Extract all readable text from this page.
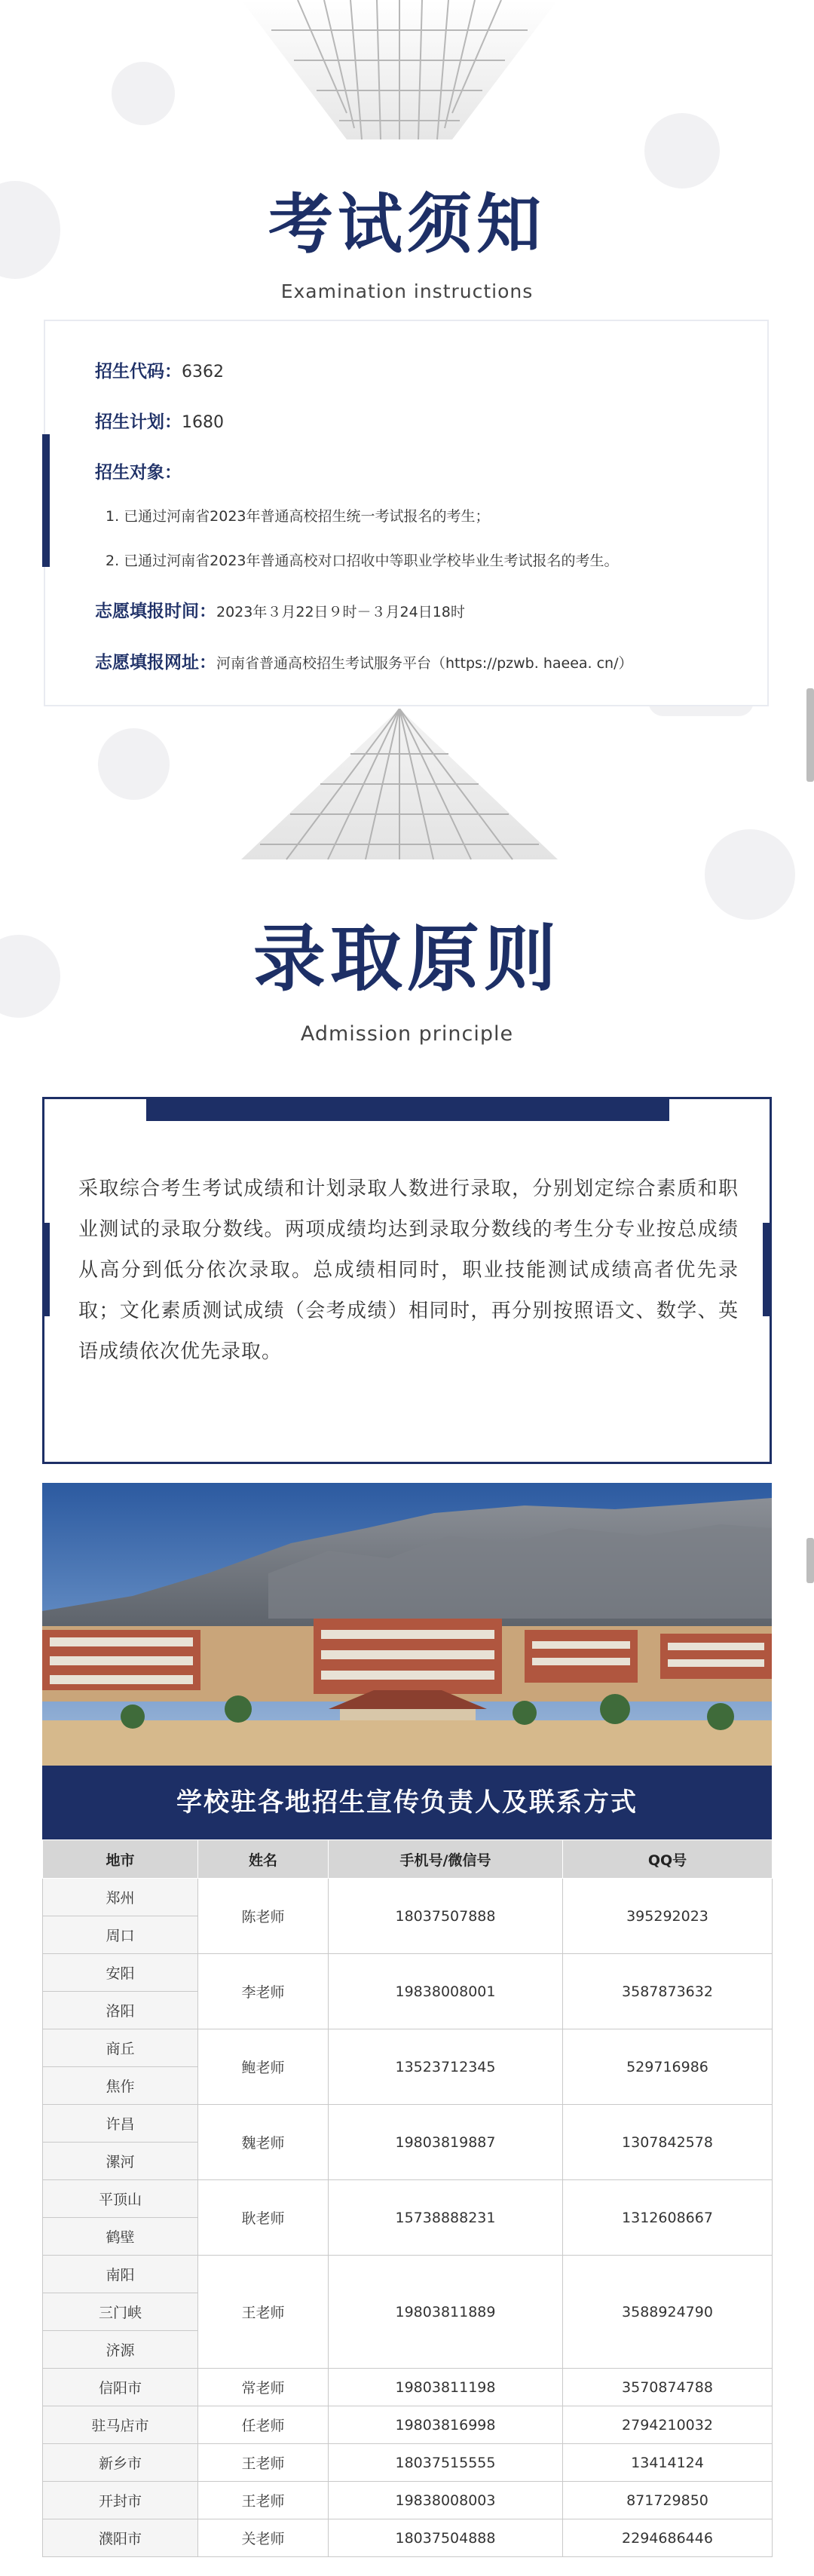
考试须知
Examination instructions
招生代码：6362
招生计划：1680
招生对象：
1. 已通过河南省2023年普通高校招生统一考试报名的考生；
2. 已通过河南省2023年普通高校对口招收中等职业学校毕业生考试报名的考生。
志愿填报时间：2023年３月22日９时－３月24日18时
志愿填报网址：河南省普通高校招生考试服务平台（https://pzwb. haeea. cn/）
录取原则
Admission principle
采取综合考生考试成绩和计划录取人数进行录取，分别划定综合素质和职业测试的录取分数线。两项成绩均达到录取分数线的考生分专业按总成绩从高分到低分依次录取。总成绩相同时，职业技能测试成绩高者优先录取；文化素质测试成绩（会考成绩）相同时，再分别按照语文、数学、英语成绩依次优先录取。
学校驻各地招生宣传负责人及联系方式
地市	姓名	手机号/微信号	QQ号
郑州	陈老师	18037507888	395292023
周口			
安阳	李老师	19838008001	3587873632
洛阳			
商丘	鲍老师	13523712345	529716986
焦作			
许昌	魏老师	19803819887	1307842578
漯河			
平顶山	耿老师	15738888231	1312608667
鹤壁			
南阳	王老师	19803811889	3588924790
三门峡			
济源			
信阳市	常老师	19803811198	3570874788
驻马店市	任老师	19803816998	2794210032
新乡市	王老师	18037515555	13414124
开封市	王老师	19838008003	871729850
濮阳市	关老师	18037504888	2294686446
